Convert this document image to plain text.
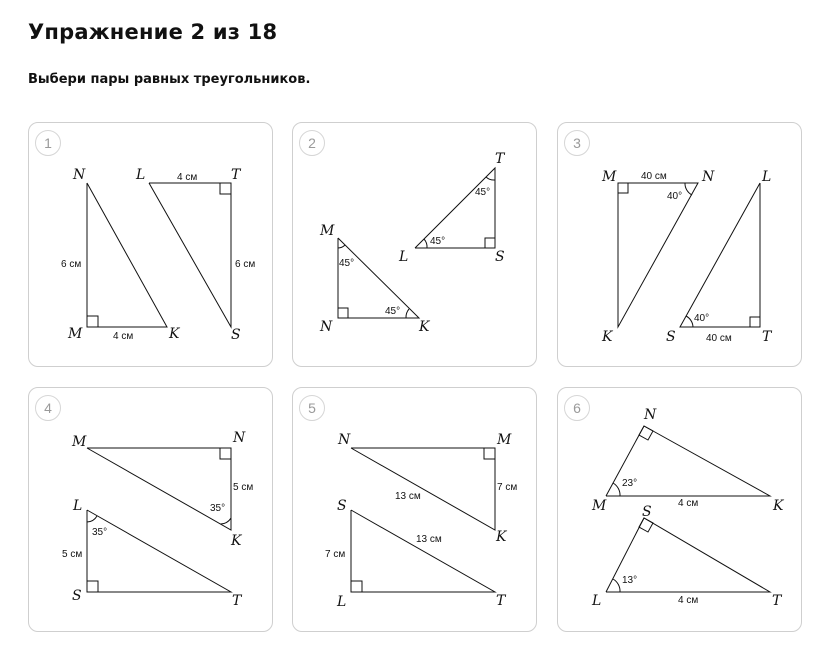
Упражнение 2 из 18
Выбери пары равных треугольников.
1
N
M	K
L	T
S
6 см
4 см
4 см
6 см
2
M
N	K
L
T
S
45°
45°
45°
45°
3
M	N
K
L
S	T
40 см
40°
40°
40 см
4
M	N
K
L
S	T
5 см
35°
35°
5 см
5
N	M
K
S
L	T
7 см
13 см
13 см
7 см
6	N
M	K
S
L	T
23°
4 см
13°
4 см
